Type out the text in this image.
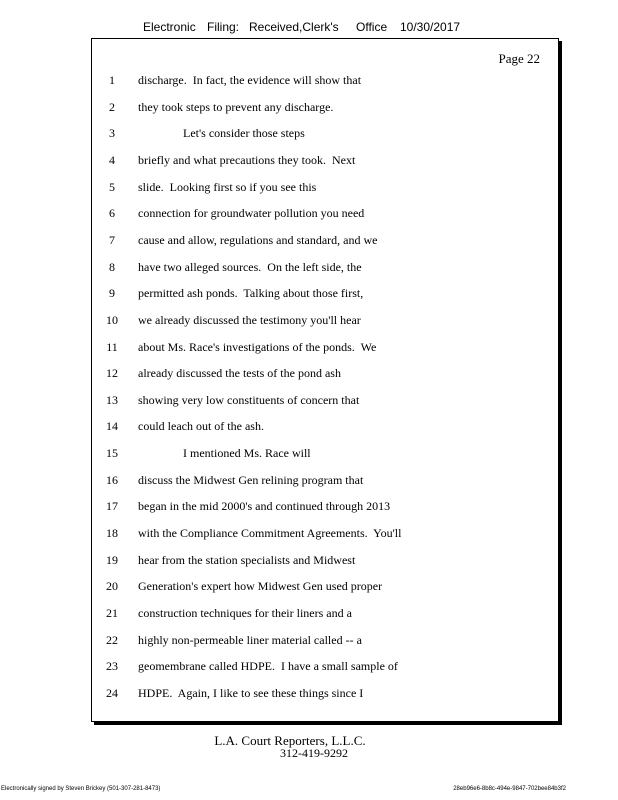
Electronic Filing: Received,Clerk's Office 10/30/2017
Page 22
1	discharge.  In fact, the evidence will show that
2	they took steps to prevent any discharge.
3	Let's consider those steps
4	briefly and what precautions they took.  Next
5	slide.  Looking first so if you see this
6	connection for groundwater pollution you need
7	cause and allow, regulations and standard, and we
8	have two alleged sources.  On the left side, the
9	permitted ash ponds.  Talking about those first,
10	we already discussed the testimony you'll hear
11	about Ms. Race's investigations of the ponds.  We
12	already discussed the tests of the pond ash
13	showing very low constituents of concern that
14	could leach out of the ash.
15	I mentioned Ms. Race will
16	discuss the Midwest Gen relining program that
17	began in the mid 2000's and continued through 2013
18	with the Compliance Commitment Agreements.  You'll
19	hear from the station specialists and Midwest
20	Generation's expert how Midwest Gen used proper
21	construction techniques for their liners and a
22	highly non-permeable liner material called -- a
23	geomembrane called HDPE.  I have a small sample of
24	HDPE.  Again, I like to see these things since I
L.A. Court Reporters, L.L.C.
312-419-9292
Electronically signed by Steven Brickey (501-307-281-8473)	28eb96e6-8b8c-494e-9847-702bee84b3f2
